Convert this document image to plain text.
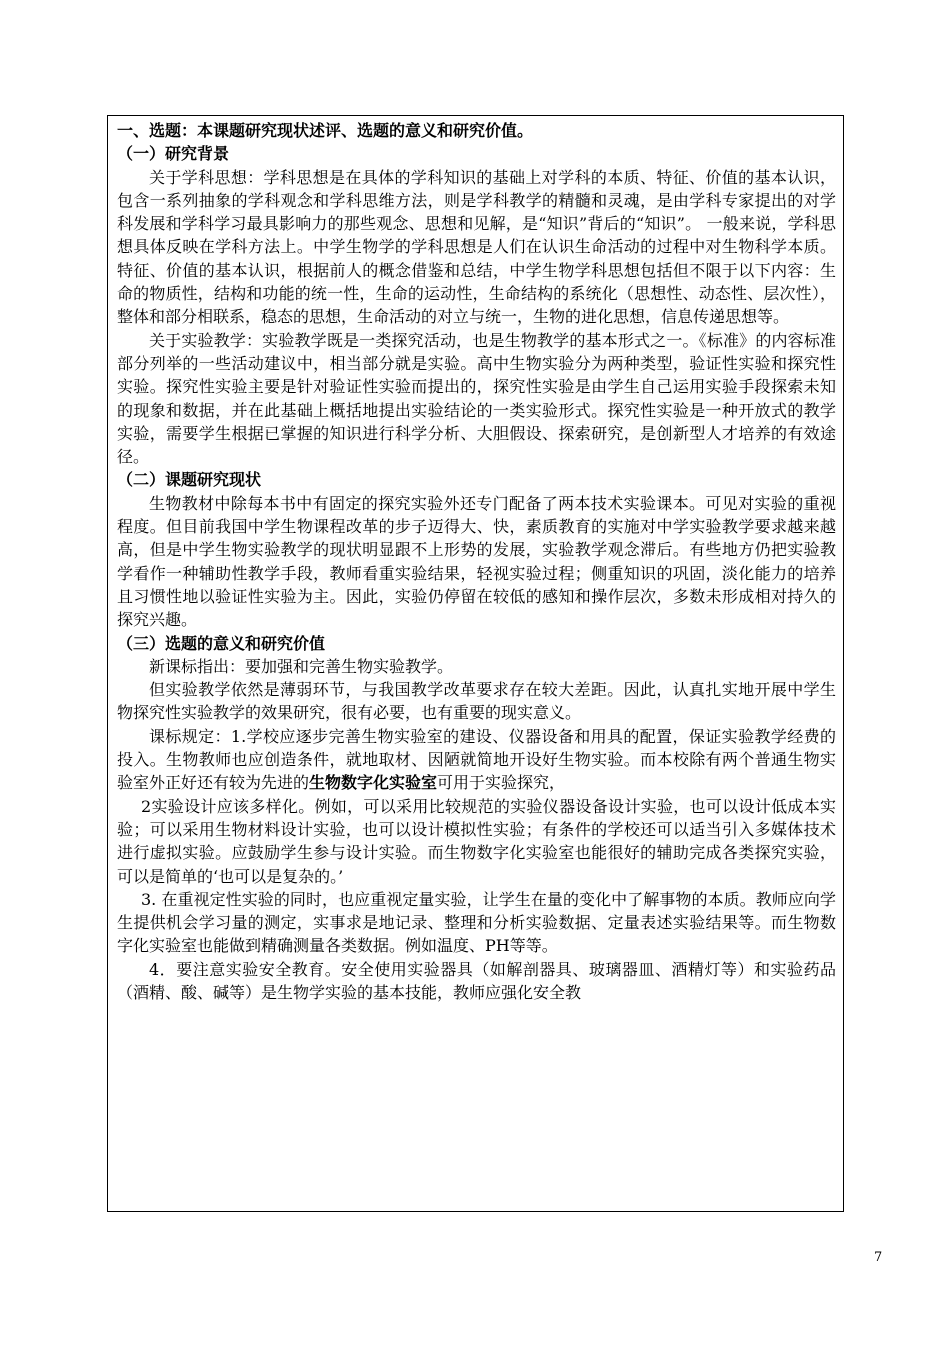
一、选题：本课题研究现状述评、选题的意义和研究价值。

（一）研究背景

关于学科思想：学科思想是在具体的学科知识的基础上对学科的本质、特征、价值的基本认识，包含一系列抽象的学科观念和学科思维方法，则是学科教学的精髓和灵魂，是由学科专家提出的对学科发展和学科学习最具影响力的那些观念、思想和见解，是“知识”背后的“知识”。 一般来说，学科思想具体反映在学科方法上。中学生物学的学科思想是人们在认识生命活动的过程中对生物科学本质。特征、价值的基本认识，根据前人的概念借鉴和总结，中学生物学科思想包括但不限于以下内容：生命的物质性，结构和功能的统一性，生命的运动性，生命结构的系统化（思想性、动态性、层次性），整体和部分相联系，稳态的思想，生命活动的对立与统一，生物的进化思想，信息传递思想等。

关于实验教学：实验教学既是一类探究活动，也是生物教学的基本形式之一。《标准》的内容标准部分列举的一些活动建议中，相当部分就是实验。高中生物实验分为两种类型，验证性实验和探究性实验。探究性实验主要是针对验证性实验而提出的，探究性实验是由学生自己运用实验手段探索未知的现象和数据，并在此基础上概括地提出实验结论的一类实验形式。探究性实验是一种开放式的教学实验，需要学生根据已掌握的知识进行科学分析、大胆假设、探索研究，是创新型人才培养的有效途径。

（二）课题研究现状

生物教材中除每本书中有固定的探究实验外还专门配备了两本技术实验课本。可见对实验的重视程度。但目前我国中学生物课程改革的步子迈得大、快，素质教育的实施对中学实验教学要求越来越高，但是中学生物实验教学的现状明显跟不上形势的发展，实验教学观念滞后。有些地方仍把实验教学看作一种辅助性教学手段，教师看重实验结果，轻视实验过程；侧重知识的巩固，淡化能力的培养且习惯性地以验证性实验为主。因此，实验仍停留在较低的感知和操作层次，多数未形成相对持久的探究兴趣。

（三）选题的意义和研究价值

新课标指出：要加强和完善生物实验教学。

但实验教学依然是薄弱环节，与我国教学改革要求存在较大差距。因此，认真扎实地开展中学生物探究性实验教学的效果研究，很有必要，也有重要的现实意义。

课标规定：1.学校应逐步完善生物实验室的建设、仪器设备和用具的配置，保证实验教学经费的投入。生物教师也应创造条件，就地取材、因陋就简地开设好生物实验。而本校除有两个普通生物实验室外正好还有较为先进的生物数字化实验室可用于实验探究，

2实验设计应该多样化。例如，可以采用比较规范的实验仪器设备设计实验，也可以设计低成本实验；可以采用生物材料设计实验，也可以设计模拟性实验；有条件的学校还可以适当引入多媒体技术进行虚拟实验。应鼓励学生参与设计实验。而生物数字化实验室也能很好的辅助完成各类探究实验，可以是简单的‘也可以是复杂的。’

3. 在重视定性实验的同时，也应重视定量实验，让学生在量的变化中了解事物的本质。教师应向学生提供机会学习量的测定，实事求是地记录、整理和分析实验数据、定量表述实验结果等。而生物数字化实验室也能做到精确测量各类数据。例如温度、PH等等。

4．要注意实验安全教育。安全使用实验器具（如解剖器具、玻璃器皿、酒精灯等）和实验药品（酒精、酸、碱等）是生物学实验的基本技能，教师应强化安全教

7
